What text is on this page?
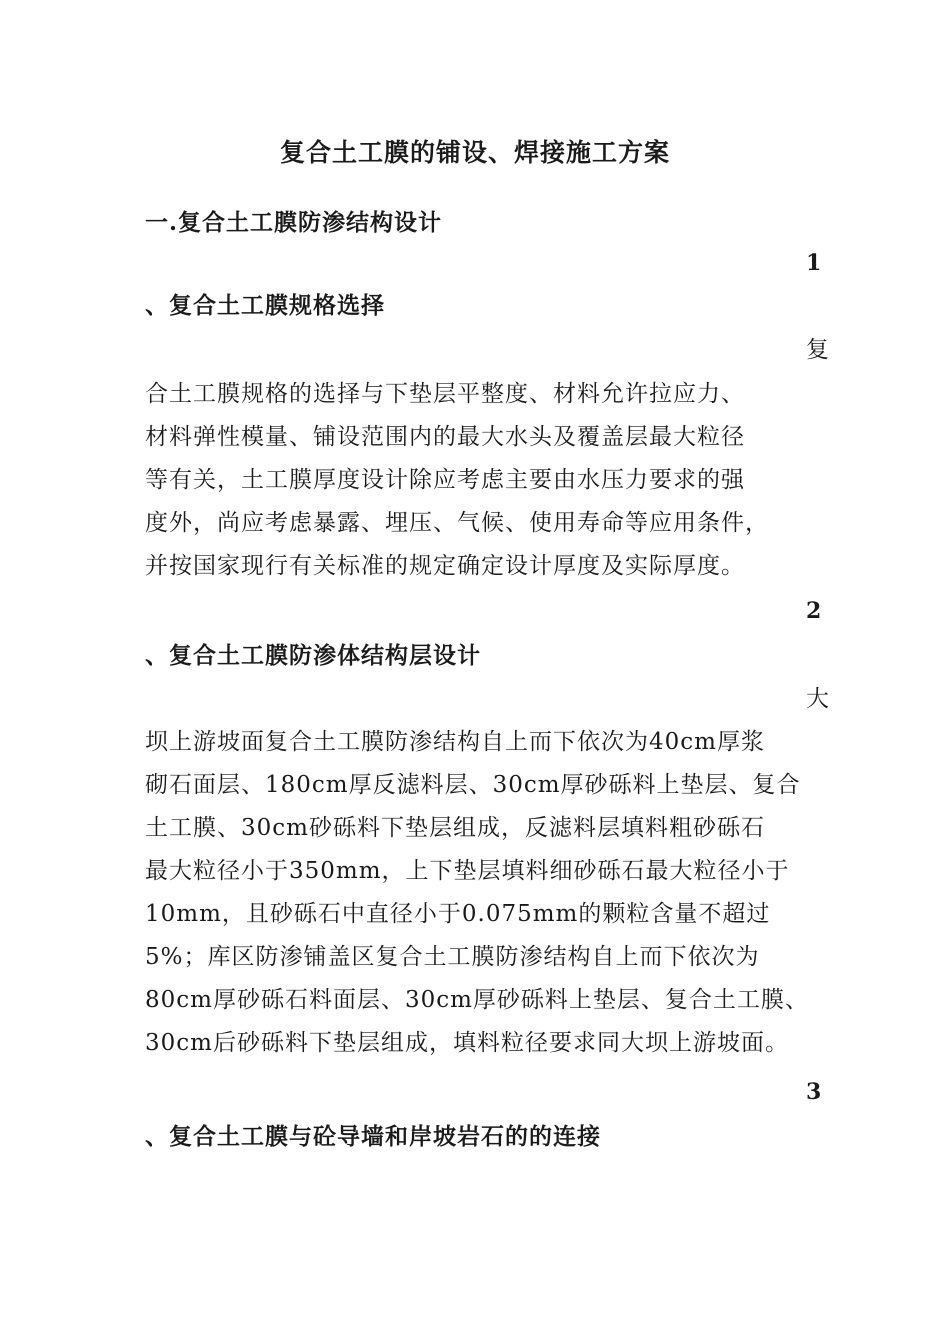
复合土工膜的铺设、焊接施工方案
一.复合土工膜防渗结构设计
1
、复合土工膜规格选择
复
合土工膜规格的选择与下垫层平整度、材料允许拉应力、
材料弹性模量、铺设范围内的最大水头及覆盖层最大粒径
等有关，土工膜厚度设计除应考虑主要由水压力要求的强
度外，尚应考虑暴露、埋压、气候、使用寿命等应用条件，
并按国家现行有关标准的规定确定设计厚度及实际厚度。
2
、复合土工膜防渗体结构层设计
大
坝上游坡面复合土工膜防渗结构自上而下依次为40cm厚浆
砌石面层、180cm厚反滤料层、30cm厚砂砾料上垫层、复合
土工膜、30cm砂砾料下垫层组成，反滤料层填料粗砂砾石
最大粒径小于350mm，上下垫层填料细砂砾石最大粒径小于
10mm，且砂砾石中直径小于0.075mm的颗粒含量不超过
5%；库区防渗铺盖区复合土工膜防渗结构自上而下依次为
80cm厚砂砾石料面层、30cm厚砂砾料上垫层、复合土工膜、
30cm后砂砾料下垫层组成，填料粒径要求同大坝上游坡面。
3
、复合土工膜与砼导墙和岸坡岩石的的连接
